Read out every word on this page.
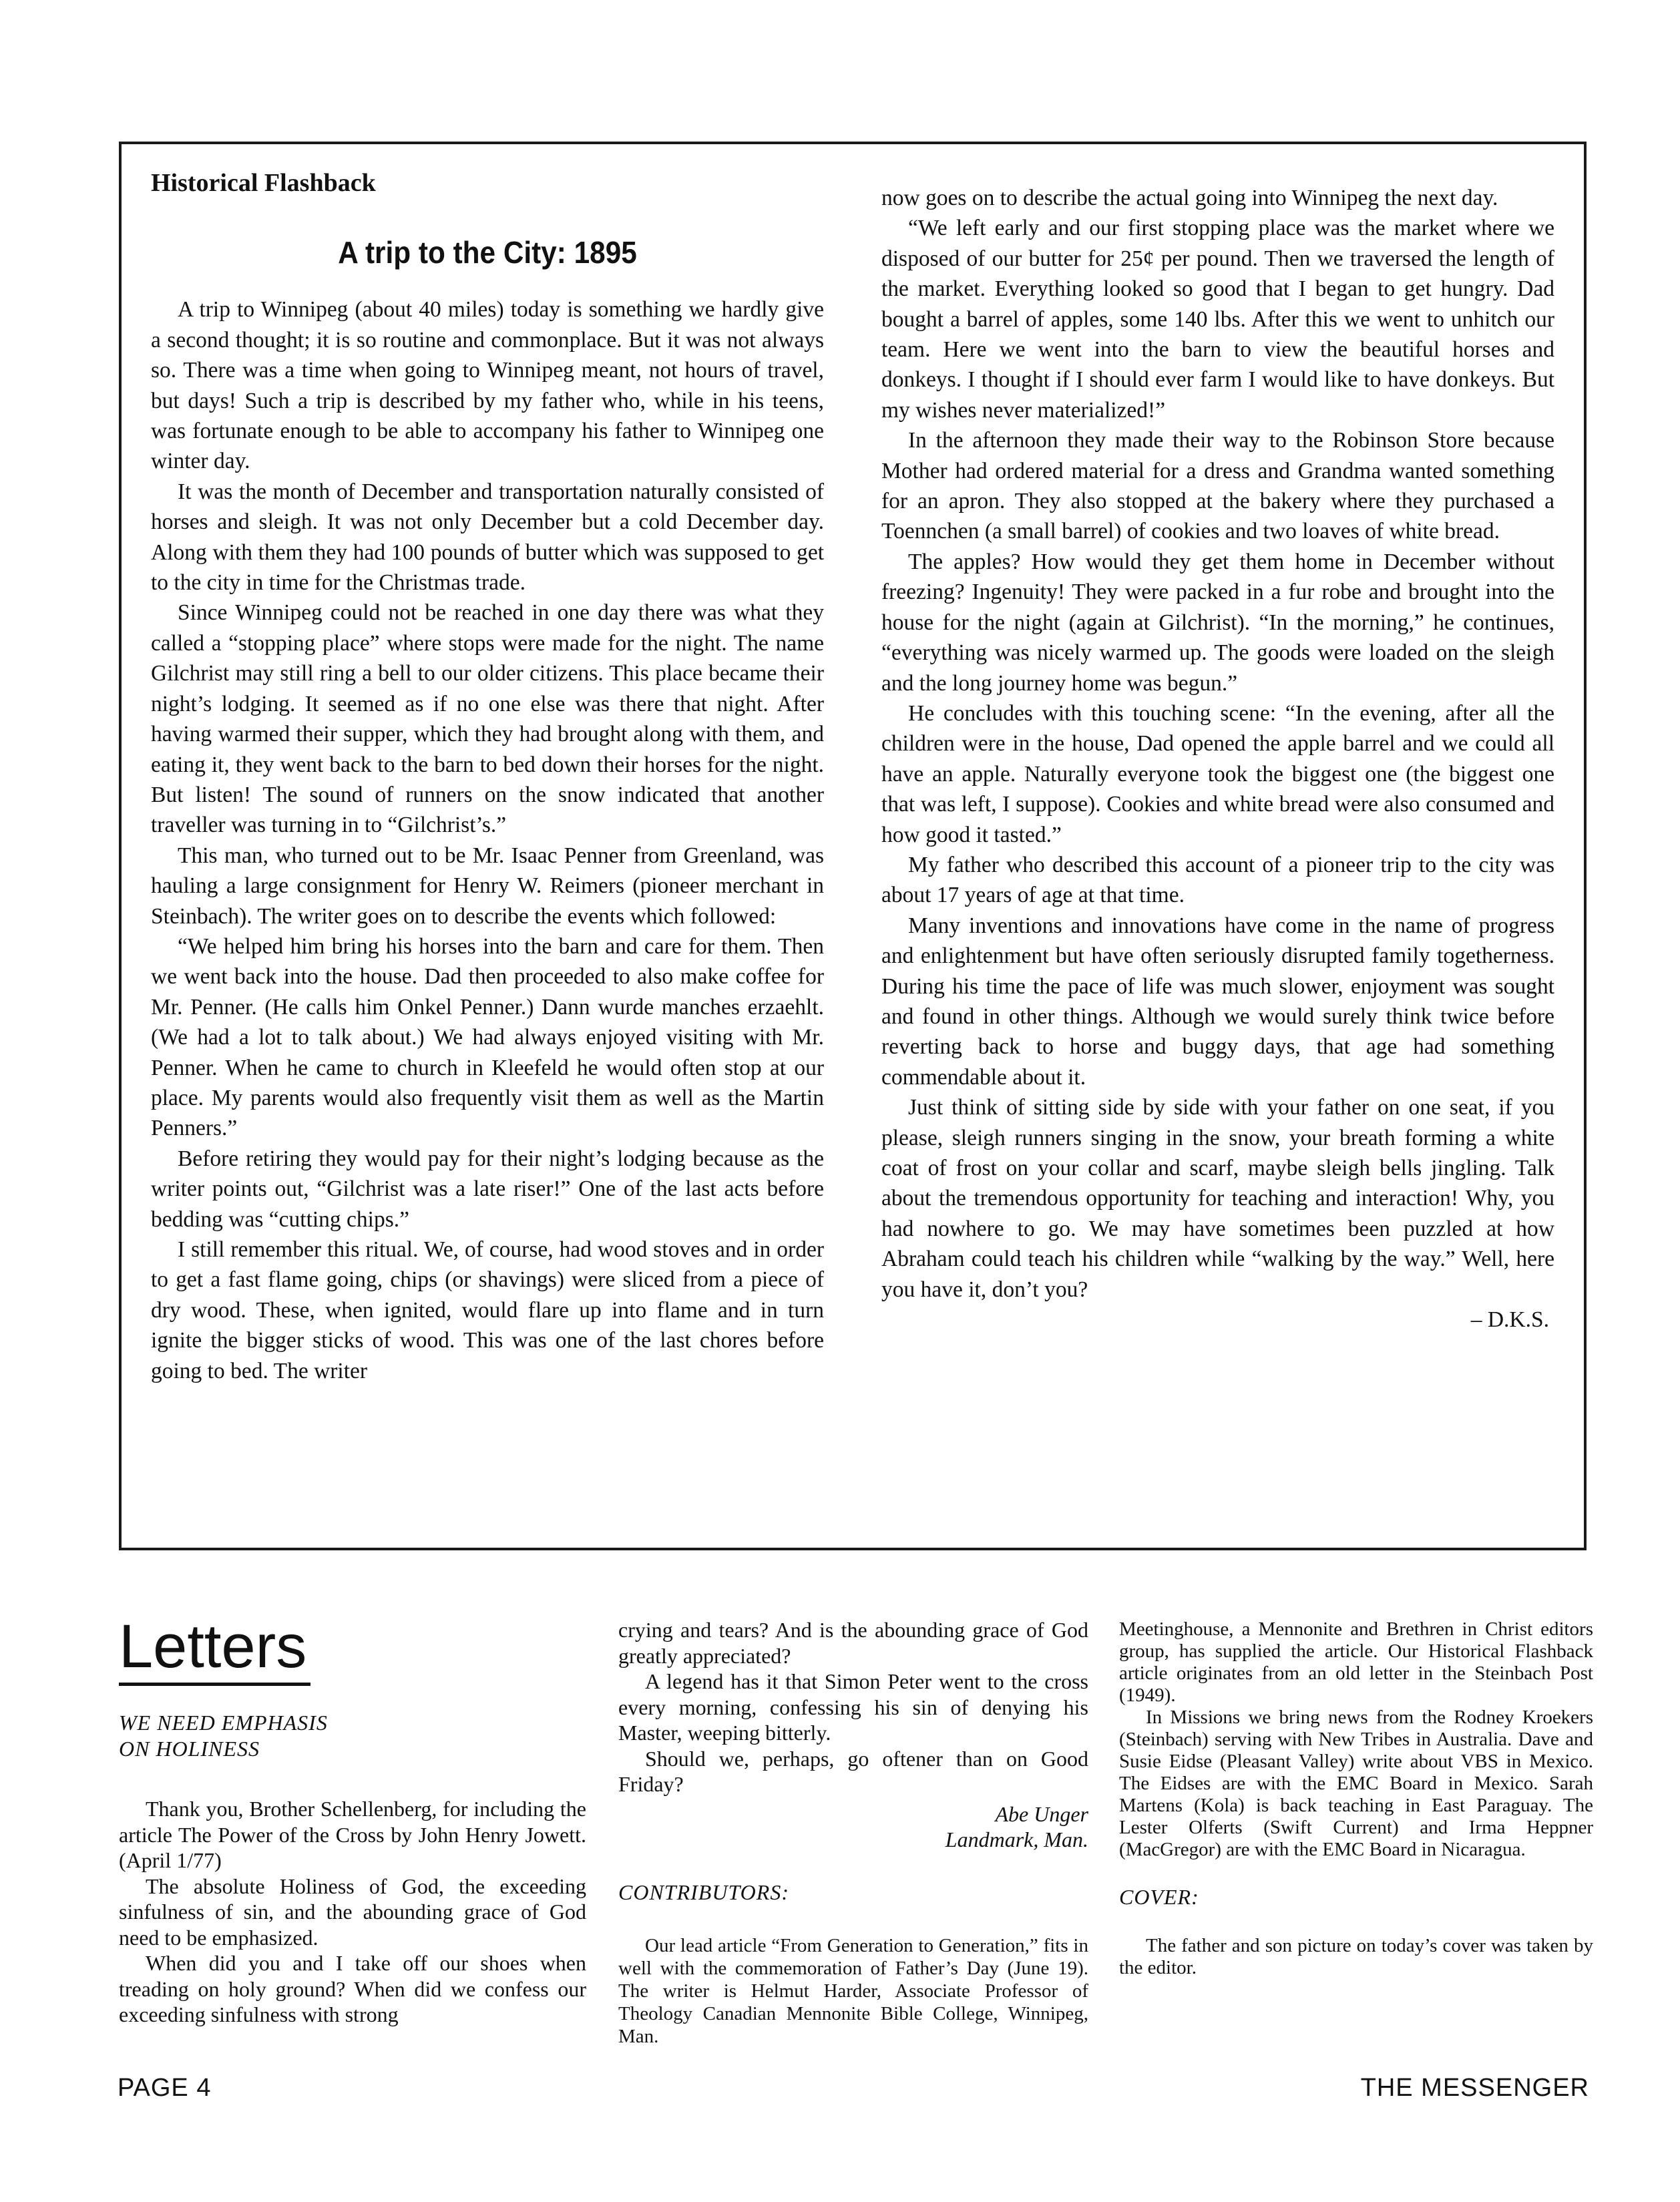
Historical Flashback

A trip to the City: 1895

A trip to Winnipeg (about 40 miles) today is something we hardly give a second thought; it is so routine and commonplace. But it was not always so. There was a time when going to Winnipeg meant, not hours of travel, but days! Such a trip is described by my father who, while in his teens, was fortunate enough to be able to accompany his father to Winnipeg one winter day.

It was the month of December and transportation naturally consisted of horses and sleigh. It was not only December but a cold December day. Along with them they had 100 pounds of butter which was supposed to get to the city in time for the Christmas trade.

Since Winnipeg could not be reached in one day there was what they called a “stopping place” where stops were made for the night. The name Gilchrist may still ring a bell to our older citizens. This place became their night’s lodging. It seemed as if no one else was there that night. After having warmed their supper, which they had brought along with them, and eating it, they went back to the barn to bed down their horses for the night. But listen! The sound of runners on the snow indicated that another traveller was turning in to “Gilchrist’s.”

This man, who turned out to be Mr. Isaac Penner from Greenland, was hauling a large consignment for Henry W. Reimers (pioneer merchant in Steinbach). The writer goes on to describe the events which followed:

“We helped him bring his horses into the barn and care for them. Then we went back into the house. Dad then proceeded to also make coffee for Mr. Penner. (He calls him Onkel Penner.) Dann wurde manches erzaehlt. (We had a lot to talk about.) We had always enjoyed visiting with Mr. Penner. When he came to church in Kleefeld he would often stop at our place. My parents would also frequently visit them as well as the Martin Penners.”

Before retiring they would pay for their night’s lodging because as the writer points out, “Gilchrist was a late riser!” One of the last acts before bedding was “cutting chips.”

I still remember this ritual. We, of course, had wood stoves and in order to get a fast flame going, chips (or shavings) were sliced from a piece of dry wood. These, when ignited, would flare up into flame and in turn ignite the bigger sticks of wood. This was one of the last chores before going to bed. The writer

now goes on to describe the actual going into Winnipeg the next day.

“We left early and our first stopping place was the market where we disposed of our butter for 25¢ per pound. Then we traversed the length of the market. Everything looked so good that I began to get hungry. Dad bought a barrel of apples, some 140 lbs. After this we went to unhitch our team. Here we went into the barn to view the beautiful horses and donkeys. I thought if I should ever farm I would like to have donkeys. But my wishes never materialized!”

In the afternoon they made their way to the Robinson Store because Mother had ordered material for a dress and Grandma wanted something for an apron. They also stopped at the bakery where they purchased a Toennchen (a small barrel) of cookies and two loaves of white bread.

The apples? How would they get them home in December without freezing? Ingenuity! They were packed in a fur robe and brought into the house for the night (again at Gilchrist). “In the morning,” he continues, “everything was nicely warmed up. The goods were loaded on the sleigh and the long journey home was begun.”

He concludes with this touching scene: “In the evening, after all the children were in the house, Dad opened the apple barrel and we could all have an apple. Naturally everyone took the biggest one (the biggest one that was left, I suppose). Cookies and white bread were also consumed and how good it tasted.”

My father who described this account of a pioneer trip to the city was about 17 years of age at that time.

Many inventions and innovations have come in the name of progress and enlightenment but have often seriously disrupted family togetherness. During his time the pace of life was much slower, enjoyment was sought and found in other things. Although we would surely think twice before reverting back to horse and buggy days, that age had something commendable about it.

Just think of sitting side by side with your father on one seat, if you please, sleigh runners singing in the snow, your breath forming a white coat of frost on your collar and scarf, maybe sleigh bells jingling. Talk about the tremendous opportunity for teaching and interaction! Why, you had nowhere to go. We may have sometimes been puzzled at how Abraham could teach his children while “walking by the way.” Well, here you have it, don’t you?

– D.K.S.

Letters

WE NEED EMPHASIS

ON HOLINESS

Thank you, Brother Schellenberg, for including the article The Power of the Cross by John Henry Jowett. (April 1/77)

The absolute Holiness of God, the exceeding sinfulness of sin, and the abounding grace of God need to be emphasized.

When did you and I take off our shoes when treading on holy ground? When did we confess our exceeding sinfulness with strong

crying and tears? And is the abounding grace of God greatly appreciated?

A legend has it that Simon Peter went to the cross every morning, confessing his sin of denying his Master, weeping bitterly.

Should we, perhaps, go oftener than on Good Friday?

Abe Unger

Landmark, Man.

CONTRIBUTORS:

Our lead article “From Generation to Generation,” fits in well with the commemoration of Father’s Day (June 19). The writer is Helmut Harder, Associate Professor of Theology Canadian Mennonite Bible College, Winnipeg, Man.

Meetinghouse, a Mennonite and Brethren in Christ editors group, has supplied the article. Our Historical Flashback article originates from an old letter in the Steinbach Post (1949).

In Missions we bring news from the Rodney Kroekers (Steinbach) serving with New Tribes in Australia. Dave and Susie Eidse (Pleasant Valley) write about VBS in Mexico. The Eidses are with the EMC Board in Mexico. Sarah Martens (Kola) is back teaching in East Paraguay. The Lester Olferts (Swift Current) and Irma Heppner (MacGregor) are with the EMC Board in Nicaragua.

COVER:

The father and son picture on today’s cover was taken by the editor.

PAGE 4	THE MESSENGER
